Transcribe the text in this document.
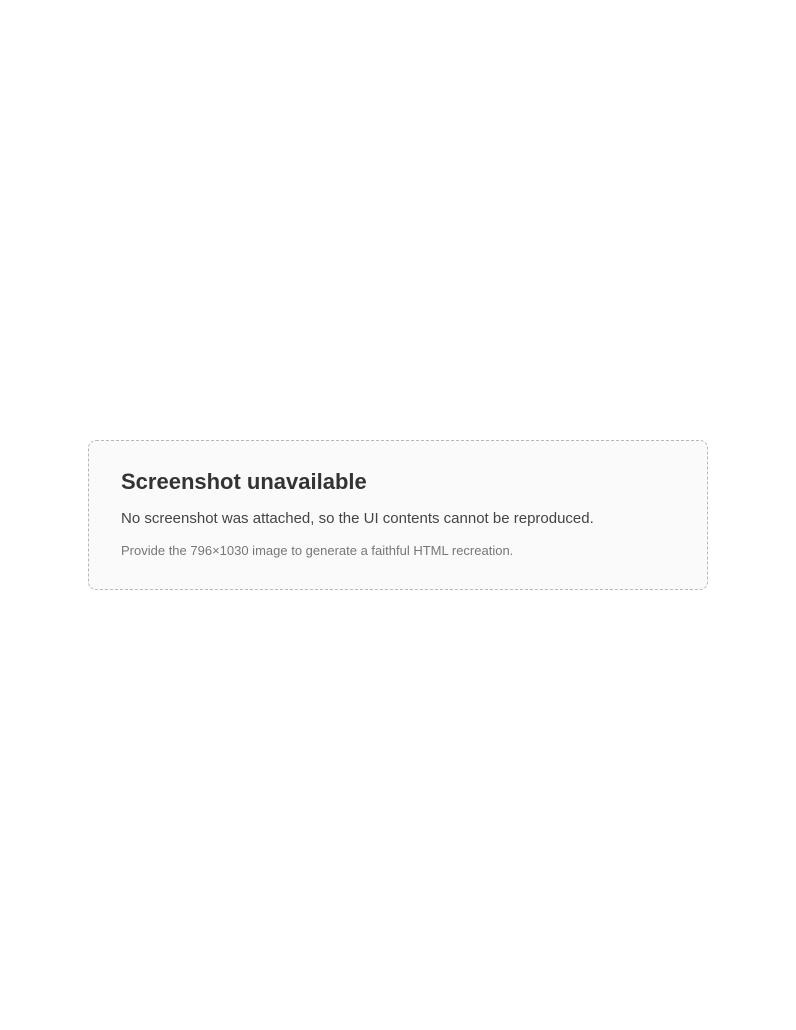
Screenshot unavailable

No screenshot was attached, so the UI contents cannot be reproduced.

Provide the 796×1030 image to generate a faithful HTML recreation.
